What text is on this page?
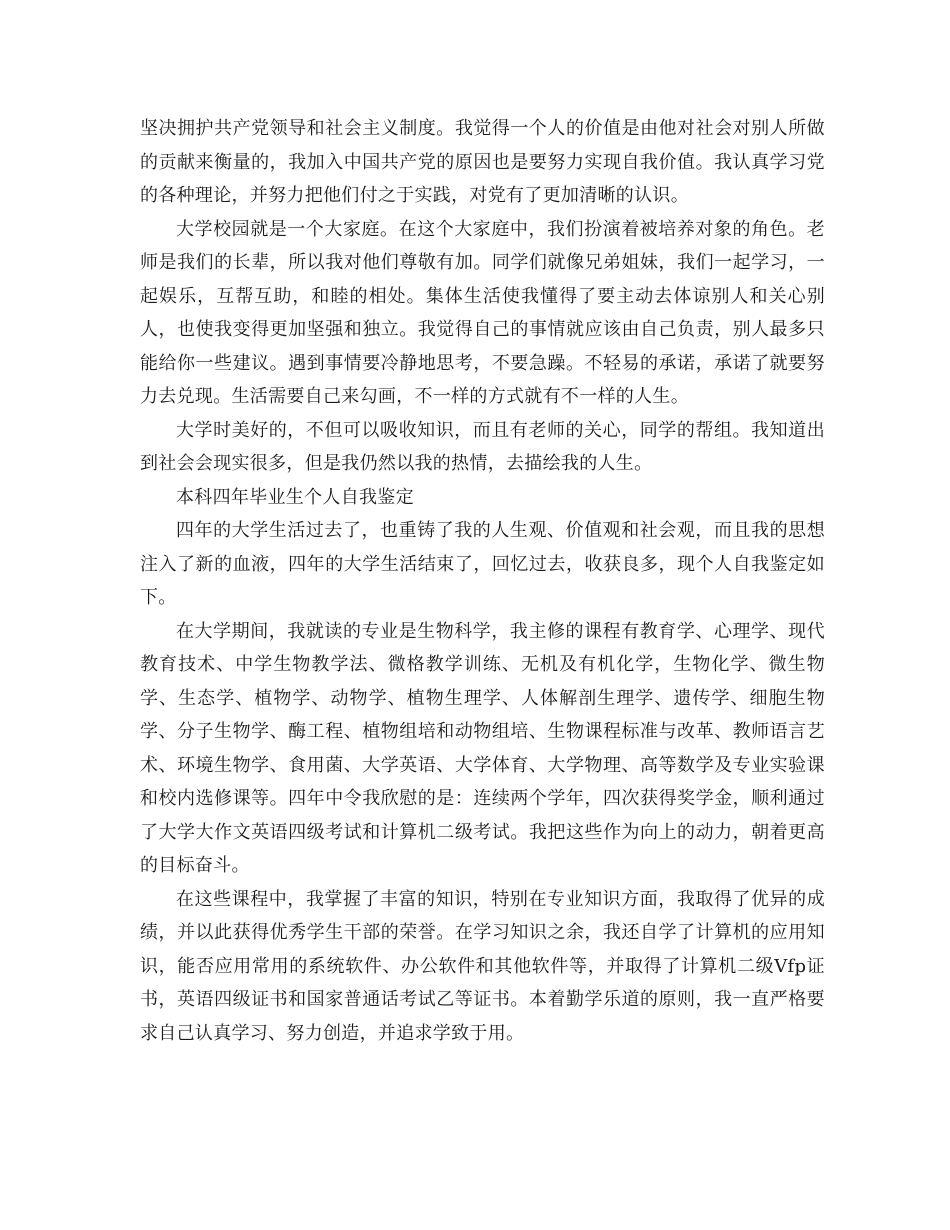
坚决拥护共产党领导和社会主义制度。我觉得一个人的价值是由他对社会对别人所做的贡献来衡量的，我加入中国共产党的原因也是要努力实现自我价值。我认真学习党的各种理论，并努力把他们付之于实践，对党有了更加清晰的认识。

大学校园就是一个大家庭。在这个大家庭中，我们扮演着被培养对象的角色。老师是我们的长辈，所以我对他们尊敬有加。同学们就像兄弟姐妹，我们一起学习，一起娱乐，互帮互助，和睦的相处。集体生活使我懂得了要主动去体谅别人和关心别人，也使我变得更加坚强和独立。我觉得自己的事情就应该由自己负责，别人最多只能给你一些建议。遇到事情要冷静地思考，不要急躁。不轻易的承诺，承诺了就要努力去兑现。生活需要自己来勾画，不一样的方式就有不一样的人生。

大学时美好的，不但可以吸收知识，而且有老师的关心，同学的帮组。我知道出到社会会现实很多，但是我仍然以我的热情，去描绘我的人生。

本科四年毕业生个人自我鉴定

四年的大学生活过去了，也重铸了我的人生观、价值观和社会观，而且我的思想注入了新的血液，四年的大学生活结束了，回忆过去，收获良多，现个人自我鉴定如下。

在大学期间，我就读的专业是生物科学，我主修的课程有教育学、心理学、现代教育技术、中学生物教学法、微格教学训练、无机及有机化学，生物化学、微生物学、生态学、植物学、动物学、植物生理学、人体解剖生理学、遗传学、细胞生物学、分子生物学、酶工程、植物组培和动物组培、生物课程标准与改革、教师语言艺术、环境生物学、食用菌、大学英语、大学体育、大学物理、高等数学及专业实验课和校内选修课等。四年中令我欣慰的是：连续两个学年，四次获得奖学金，顺利通过了大学大作文英语四级考试和计算机二级考试。我把这些作为向上的动力，朝着更高的目标奋斗。

在这些课程中，我掌握了丰富的知识，特别在专业知识方面，我取得了优异的成绩，并以此获得优秀学生干部的荣誉。在学习知识之余，我还自学了计算机的应用知识，能否应用常用的系统软件、办公软件和其他软件等，并取得了计算机二级Vfp证书，英语四级证书和国家普通话考试乙等证书。本着勤学乐道的原则，我一直严格要求自己认真学习、努力创造，并追求学致于用。
